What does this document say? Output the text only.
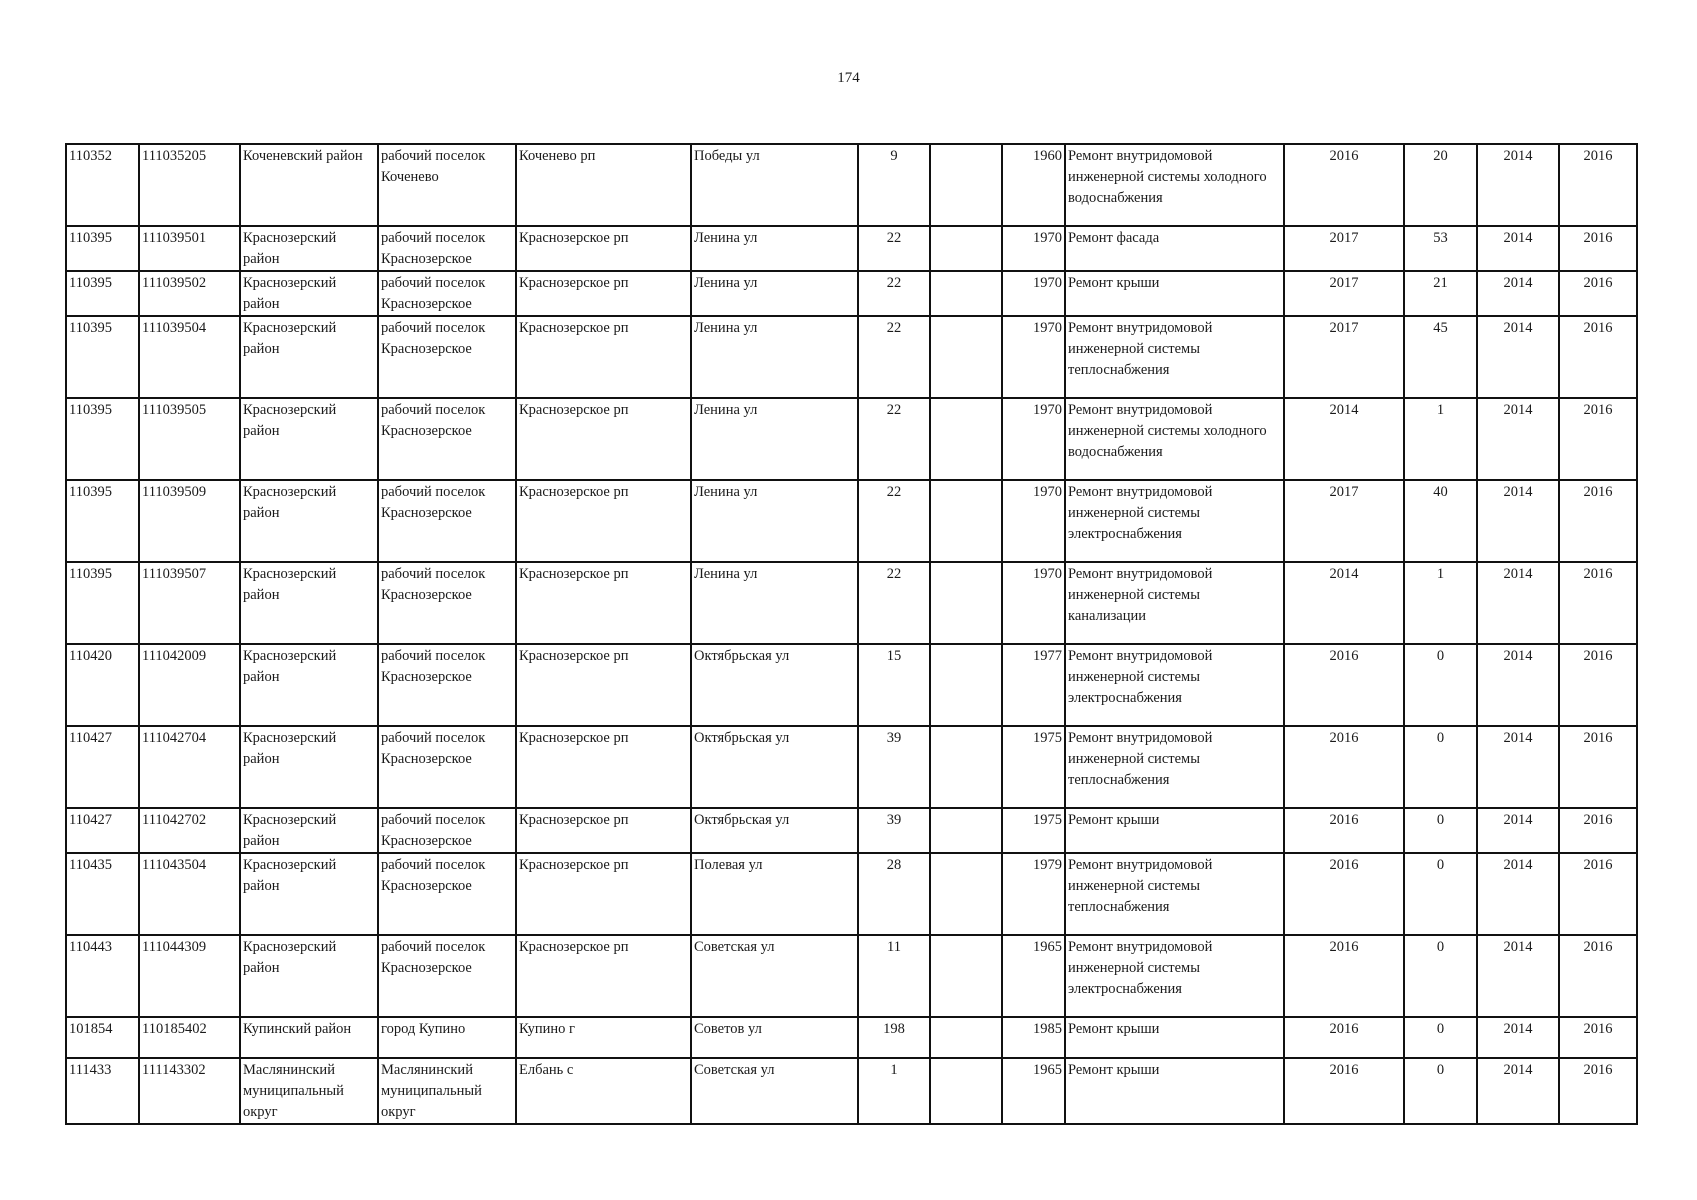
174
110352	111035205	Коченевский район	рабочий поселок Коченево	Коченево рп	Победы ул	9		1960	Ремонт внутридомовой инженерной системы холодного водоснабжения	2016	20	2014	2016
110395	111039501	Краснозерский район	рабочий поселок Краснозерское	Краснозерское рп	Ленина ул	22		1970	Ремонт фасада	2017	53	2014	2016
110395	111039502	Краснозерский район	рабочий поселок Краснозерское	Краснозерское рп	Ленина ул	22		1970	Ремонт крыши	2017	21	2014	2016
110395	111039504	Краснозерский район	рабочий поселок Краснозерское	Краснозерское рп	Ленина ул	22		1970	Ремонт внутридомовой инженерной системы теплоснабжения	2017	45	2014	2016
110395	111039505	Краснозерский район	рабочий поселок Краснозерское	Краснозерское рп	Ленина ул	22		1970	Ремонт внутридомовой инженерной системы холодного водоснабжения	2014	1	2014	2016
110395	111039509	Краснозерский район	рабочий поселок Краснозерское	Краснозерское рп	Ленина ул	22		1970	Ремонт внутридомовой инженерной системы электроснабжения	2017	40	2014	2016
110395	111039507	Краснозерский район	рабочий поселок Краснозерское	Краснозерское рп	Ленина ул	22		1970	Ремонт внутридомовой инженерной системы канализации	2014	1	2014	2016
110420	111042009	Краснозерский район	рабочий поселок Краснозерское	Краснозерское рп	Октябрьская ул	15		1977	Ремонт внутридомовой инженерной системы электроснабжения	2016	0	2014	2016
110427	111042704	Краснозерский район	рабочий поселок Краснозерское	Краснозерское рп	Октябрьская ул	39		1975	Ремонт внутридомовой инженерной системы теплоснабжения	2016	0	2014	2016
110427	111042702	Краснозерский район	рабочий поселок Краснозерское	Краснозерское рп	Октябрьская ул	39		1975	Ремонт крыши	2016	0	2014	2016
110435	111043504	Краснозерский район	рабочий поселок Краснозерское	Краснозерское рп	Полевая ул	28		1979	Ремонт внутридомовой инженерной системы теплоснабжения	2016	0	2014	2016
110443	111044309	Краснозерский район	рабочий поселок Краснозерское	Краснозерское рп	Советская ул	11		1965	Ремонт внутридомовой инженерной системы электроснабжения	2016	0	2014	2016
101854	110185402	Купинский район	город Купино	Купино г	Советов ул	198		1985	Ремонт крыши	2016	0	2014	2016
111433	111143302	Маслянинский муниципальный округ	Маслянинский муниципальный округ	Елбань с	Советская ул	1		1965	Ремонт крыши	2016	0	2014	2016
